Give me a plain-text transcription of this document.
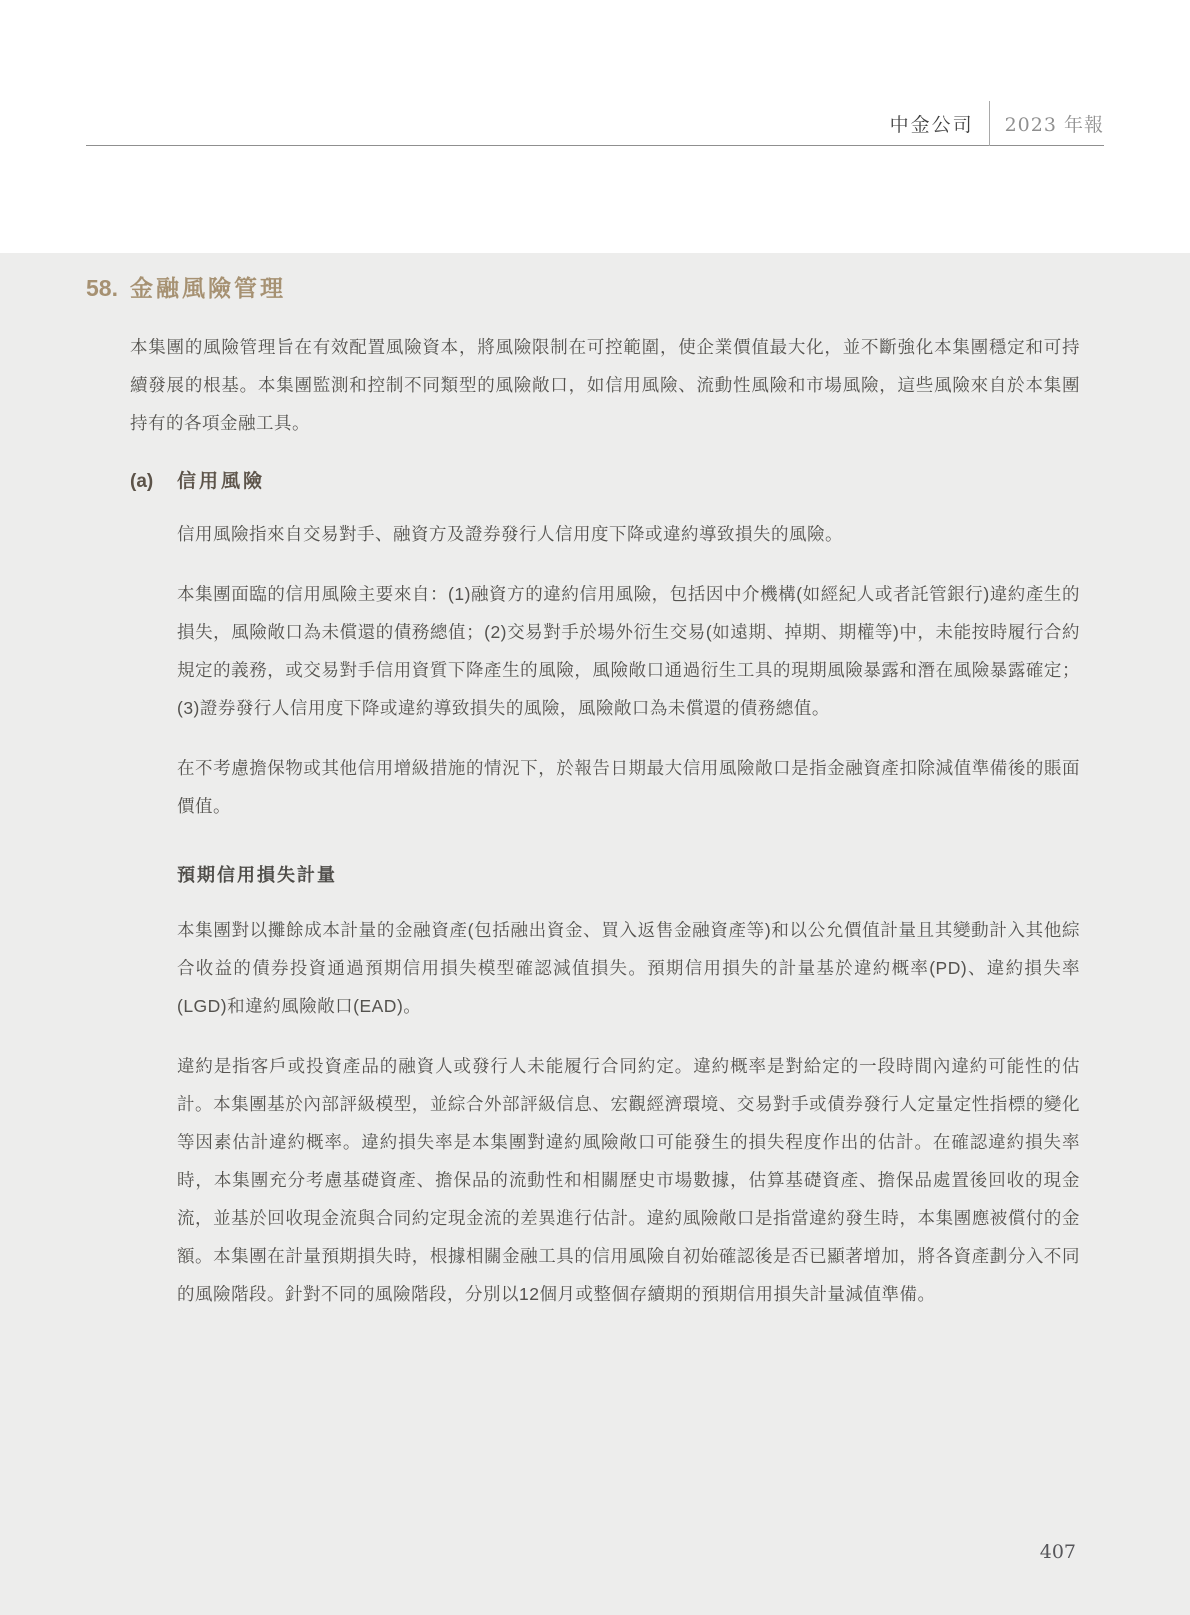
中金公司 2023 年報
58. 金融風險管理

本集團的風險管理旨在有效配置風險資本，將風險限制在可控範圍，使企業價值最大化，並不斷強化本集團穩定和可持續發展的根基。本集團監測和控制不同類型的風險敞口，如信用風險、流動性風險和市場風險，這些風險來自於本集團持有的各項金融工具。

(a)	信用風險

信用風險指來自交易對手、融資方及證券發行人信用度下降或違約導致損失的風險。

本集團面臨的信用風險主要來自：(1)融資方的違約信用風險，包括因中介機構(如經紀人或者託管銀行)違約產生的損失，風險敞口為未償還的債務總值；(2)交易對手於場外衍生交易(如遠期、掉期、期權等)中，未能按時履行合約規定的義務，或交易對手信用資質下降產生的風險，風險敞口通過衍生工具的現期風險暴露和潛在風險暴露確定；(3)證券發行人信用度下降或違約導致損失的風險，風險敞口為未償還的債務總值。

在不考慮擔保物或其他信用增級措施的情況下，於報告日期最大信用風險敞口是指金融資產扣除減值準備後的賬面價值。

預期信用損失計量

本集團對以攤餘成本計量的金融資產(包括融出資金、買入返售金融資產等)和以公允價值計量且其變動計入其他綜合收益的債券投資通過預期信用損失模型確認減值損失。預期信用損失的計量基於違約概率(PD)、違約損失率(LGD)和違約風險敞口(EAD)。

違約是指客戶或投資產品的融資人或發行人未能履行合同約定。違約概率是對給定的一段時間內違約可能性的估計。本集團基於內部評級模型，並綜合外部評級信息、宏觀經濟環境、交易對手或債券發行人定量定性指標的變化等因素估計違約概率。違約損失率是本集團對違約風險敞口可能發生的損失程度作出的估計。在確認違約損失率時，本集團充分考慮基礎資產、擔保品的流動性和相關歷史市場數據，估算基礎資產、擔保品處置後回收的現金流，並基於回收現金流與合同約定現金流的差異進行估計。違約風險敞口是指當違約發生時，本集團應被償付的金額。本集團在計量預期損失時，根據相關金融工具的信用風險自初始確認後是否已顯著增加，將各資產劃分入不同的風險階段。針對不同的風險階段，分別以12個月或整個存續期的預期信用損失計量減值準備。

407
